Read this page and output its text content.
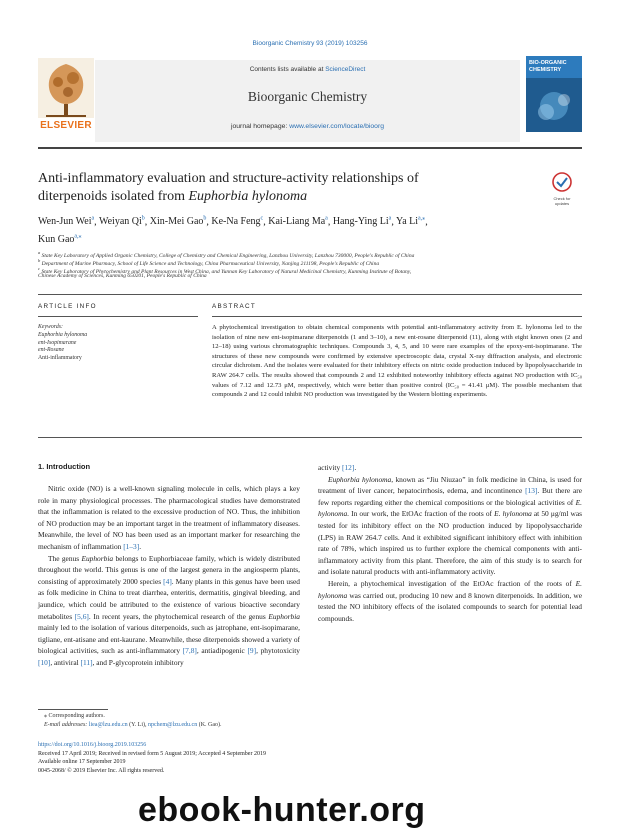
Bioorganic Chemistry 93 (2019) 103256
ELSEVIER
Contents lists available at ScienceDirect
Bioorganic Chemistry
journal homepage: www.elsevier.com/locate/bioorg
BIO-ORGANIC CHEMISTRY
Anti-inflammatory evaluation and structure-activity relationships of
diterpenoids isolated from Euphorbia hylonoma	Check for updates
Wen-Jun Wei$^a$, Weiyan Qi$^b$, Xin-Mei Gao$^b$, Ke-Na Feng$^c$, Kai-Liang Ma$^a$, Hang-Ying Li$^a$, Ya $Li^{a,⁎}$,
Kun Gao$^{a,⁎}$
$^a$ State Key Laboratory of Applied Organic Chemistry, College of Chemistry and Chemical Engineering, Lanzhou University, Lanzhou 730000, People's Republic of China
$^b$ Department of Marine Pharmacy, School of Life Science and Technology, China Pharmaceutical University, Nanjing 211198, People's Republic of China
$^c$ State Key Laboratory of Phytochemistry and Plant Resources in West China, and Yunnan Key Laboratory of Natural Medicinal Chemistry, Kunming Institute of Botany,
Chinese Academy of Sciences, Kunming 650201, People's Republic of China
ARTICLE INFO	ABSTRACT
Keywords:
Euphorbia hylonoma
ent-Isopimarane
ent-Rosane
Anti-inflammatory
A phytochemical investigation to obtain chemical components with potential anti-inflammatory activity from E. hylonoma led to the isolation of nine new ent-isopimarane diterpenoids (1 and 3–10), a new ent-rosane diterpenoid (11), along with eight known ones (2 and 12–18) using various chromatographic techniques. Compounds 3, 4, 5, and 10 were rare examples of the epoxy-ent-isopimarane. The structures of these new compounds were confirmed by extensive spectroscopic data, crystal X-ray diffraction analysis, and electronic circular dichroism. And the isolates were evaluated for their inhibitory effects on nitric oxide production induced by lipopolysaccharide in RAW 264.7 cells. The results showed that compounds 2 and 12 exhibited noteworthy inhibitory effects against NO production with IC₅₀ values of 7.12 and 12.73 μM, respectively, which were better than positive control (IC₅₀ = 41.41 μM). The possible mechanism that compounds 2 and 12 could inhibit NO production was investigated by the Western blotting experiments.
1. Introduction

Nitric oxide (NO) is a well-known signaling molecule in cells, which plays a key role in many physiological processes. The pharmacological studies have demonstrated that the inflammation is related to the excessive production of NO. Thus, the inhibition of NO production may be an important target in the treatment of inflammatory diseases. Meanwhile, the level of NO has been used as an important marker for researching the mechanism of inflammation [1–3].

The genus Euphorbia belongs to Euphorbiaceae family, which is widely distributed throughout the world. This genus is one of the largest genera in the angiosperm plants, consisting of approximately 2000 species [4]. Many plants in this genus have been used as folk medicine in China to treat diarrhea, enteritis, dermatitis, gingival bleeding, and jaundice, which could be attributed to the existence of various bioactive secondary metabolites [5,6]. In recent years, the phytochemical research of the genus Euphorbia mainly led to the isolation of various diterpenoids, such as jatrophane, ent-isopimarane, tigliane, ent-atisane and ent-kaurane. Meanwhile, these diterpenoids showed a variety of biological activities, such as anti-inflammatory [7,8], antiadipogenic [9], phytotoxicity [10], antiviral [11], and P-glycoprotein inhibitory

activity [12].

Euphorbia hylonoma, known as “Jiu Niuzao” in folk medicine in China, is used for treatment of liver cancer, hepatocirrhosis, edema, and incontinence [13]. But there are few reports regarding either the chemical compositions or the biological activities of E. hylonoma. In our work, the EtOAc fraction of the roots of E. hylonoma at 50 μg/ml was tested for its inhibitory effect on the NO production induced by lipopolysaccharide (LPS) in RAW 264.7 cells. And it exhibited significant inhibitory effect with inhibition rate of 78%, which inspired us to further explore the chemical components with anti-inflammatory activity from this plant. Therefore, the aim of this study is to search for and isolate natural products with anti-inflammatory activity.

Herein, a phytochemical investigation of the EtOAc fraction of the roots of E. hylonoma was carried out, producing 10 new and 8 known diterpenoids. In addition, we tested the NO inhibitory effects of the isolated compounds to search for potential lead compounds.

⁎ Corresponding authors.
E-mail addresses: liea@lzu.edu.cn (Y. Li), npchem@lzu.edu.cn (K. Gao).
https://doi.org/10.1016/j.bioorg.2019.103256
Received 17 April 2019; Received in revised form 5 August 2019; Accepted 4 September 2019
Available online 17 September 2019
0045-2068/ © 2019 Elsevier Inc. All rights reserved.
ebook-hunter.org
